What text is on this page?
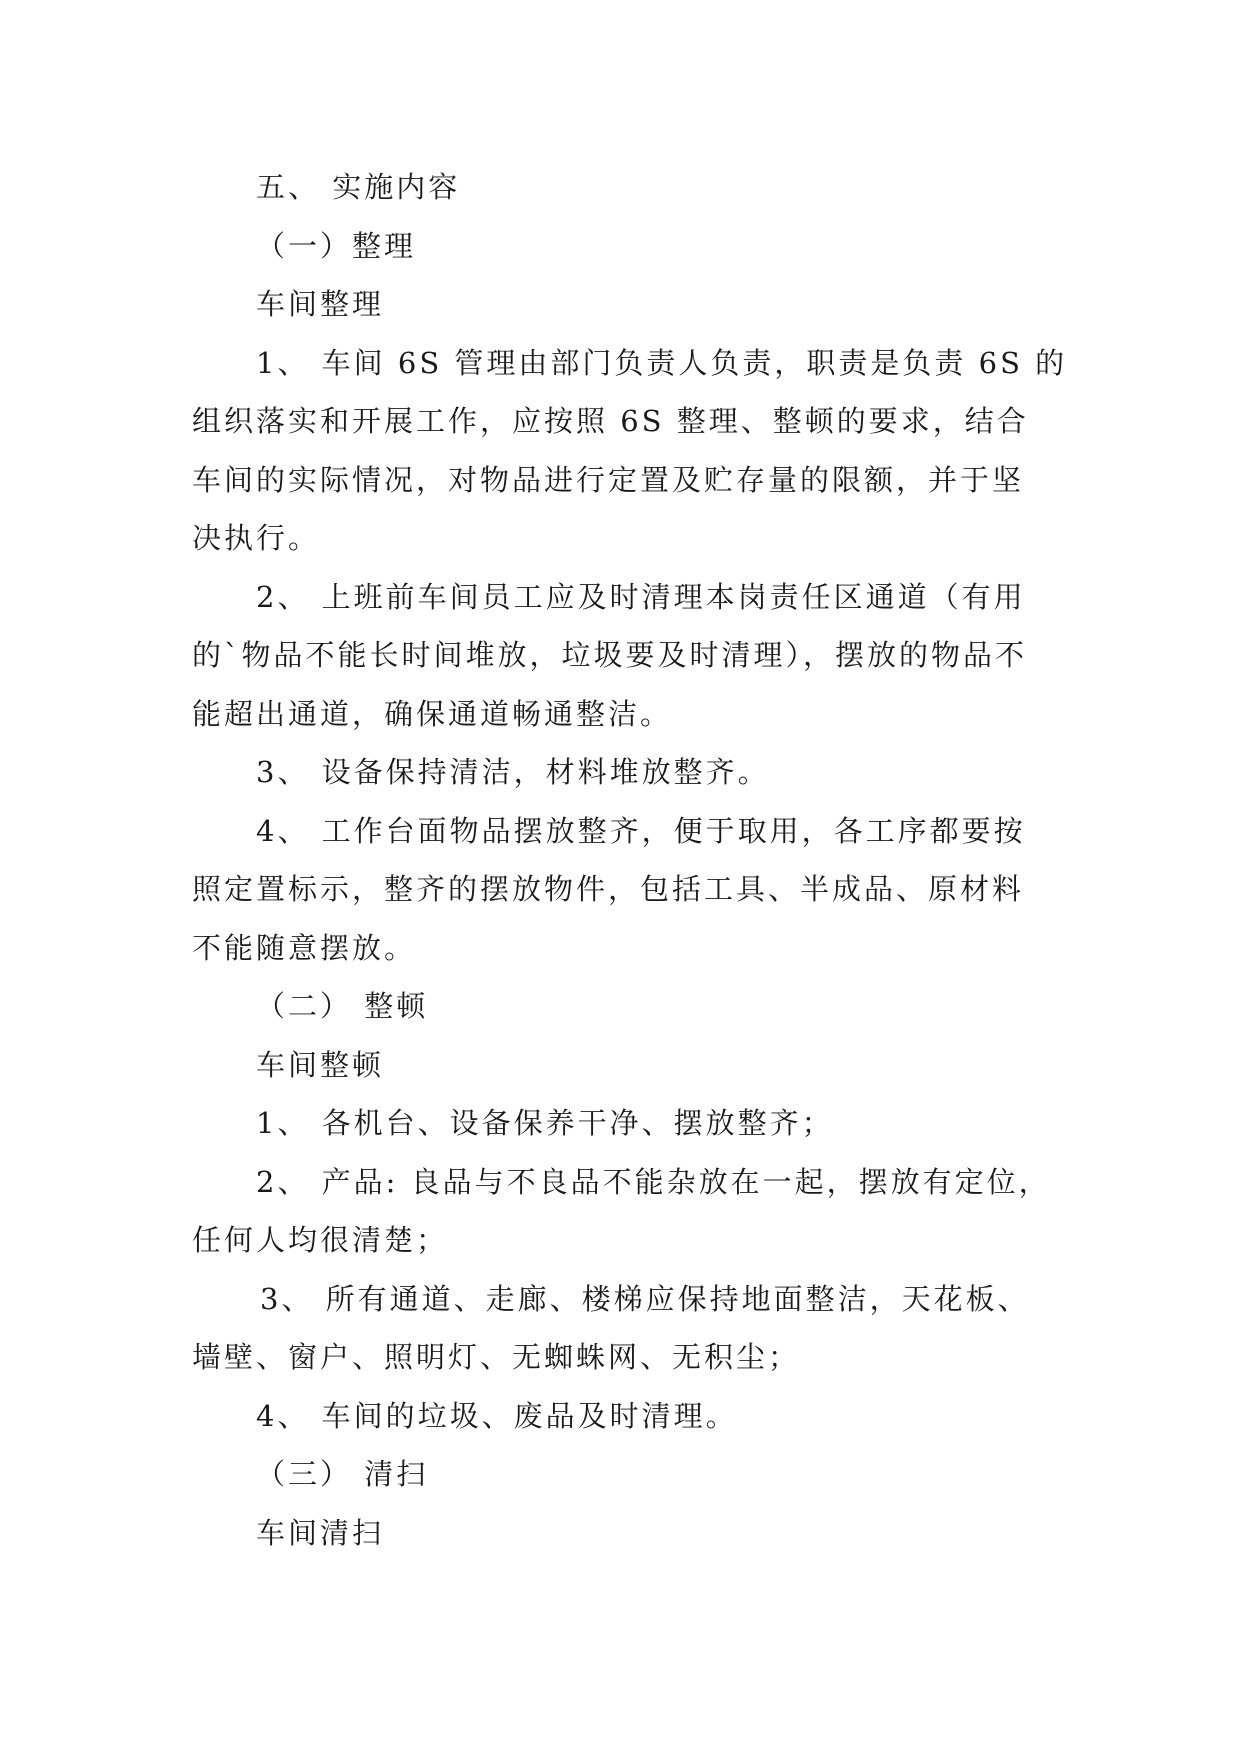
五、 实施内容

（一）整理

车间整理

1、 车间 6S 管理由部门负责人负责，职责是负责 6S 的

组织落实和开展工作，应按照 6S 整理、整顿的要求，结合

车间的实际情况，对物品进行定置及贮存量的限额，并于坚

决执行。

2、 上班前车间员工应及时清理本岗责任区通道（有用

的`物品不能长时间堆放，垃圾要及时清理），摆放的物品不

能超出通道，确保通道畅通整洁。

3、 设备保持清洁，材料堆放整齐。

4、 工作台面物品摆放整齐，便于取用，各工序都要按

照定置标示，整齐的摆放物件，包括工具、半成品、原材料

不能随意摆放。

（二） 整顿

车间整顿

1、 各机台、设备保养干净、摆放整齐；

2、 产品: 良品与不良品不能杂放在一起，摆放有定位，

任何人均很清楚；

3、 所有通道、走廊、楼梯应保持地面整洁，天花板、

墙壁、窗户、照明灯、无蜘蛛网、无积尘；

4、 车间的垃圾、废品及时清理。

（三） 清扫

车间清扫
